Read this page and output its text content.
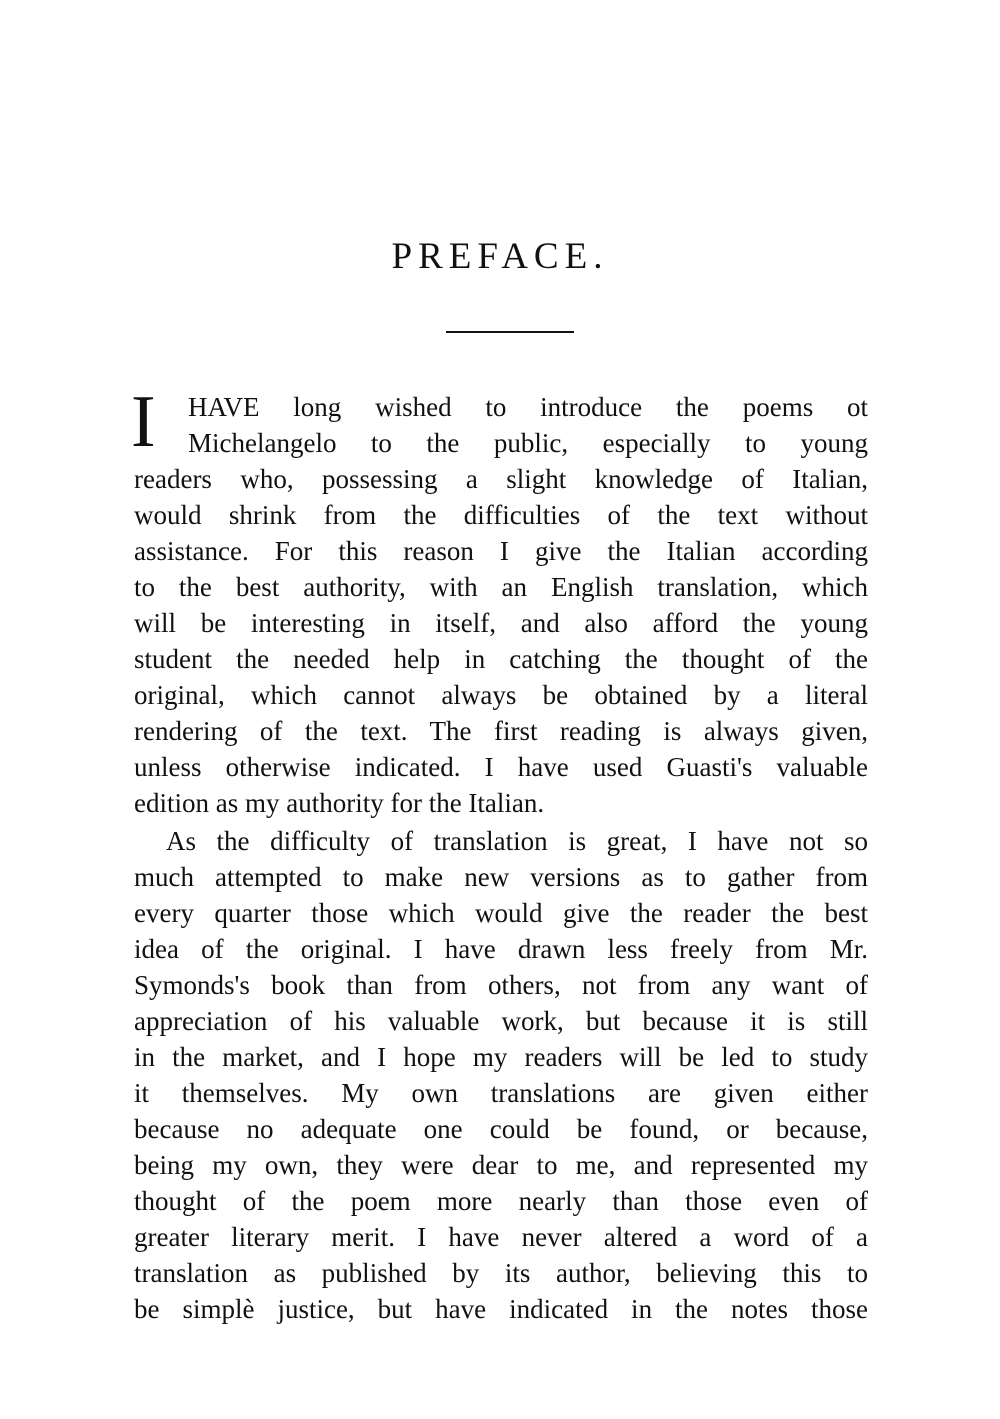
PREFACE.
I HAVE long wished to introduce the poems ot
Michelangelo to the public, especially to young
readers who, possessing a slight knowledge of Italian,
would shrink from the difficulties of the text without
assistance. For this reason I give the Italian according
to the best authority, with an English translation, which
will be interesting in itself, and also afford the young
student the needed help in catching the thought of the
original, which cannot always be obtained by a literal
rendering of the text. The first reading is always given,
unless otherwise indicated. I have used Guasti's valuable
edition as my authority for the Italian.
As the difficulty of translation is great, I have not so
much attempted to make new versions as to gather from
every quarter those which would give the reader the best
idea of the original. I have drawn less freely from Mr.
Symonds's book than from others, not from any want of
appreciation of his valuable work, but because it is still
in the market, and I hope my readers will be led to study
it themselves. My own translations are given either
because no adequate one could be found, or because,
being my own, they were dear to me, and represented my
thought of the poem more nearly than those even of
greater literary merit. I have never altered a word of a
translation as published by its author, believing this to
be simplè justice, but have indicated in the notes those
